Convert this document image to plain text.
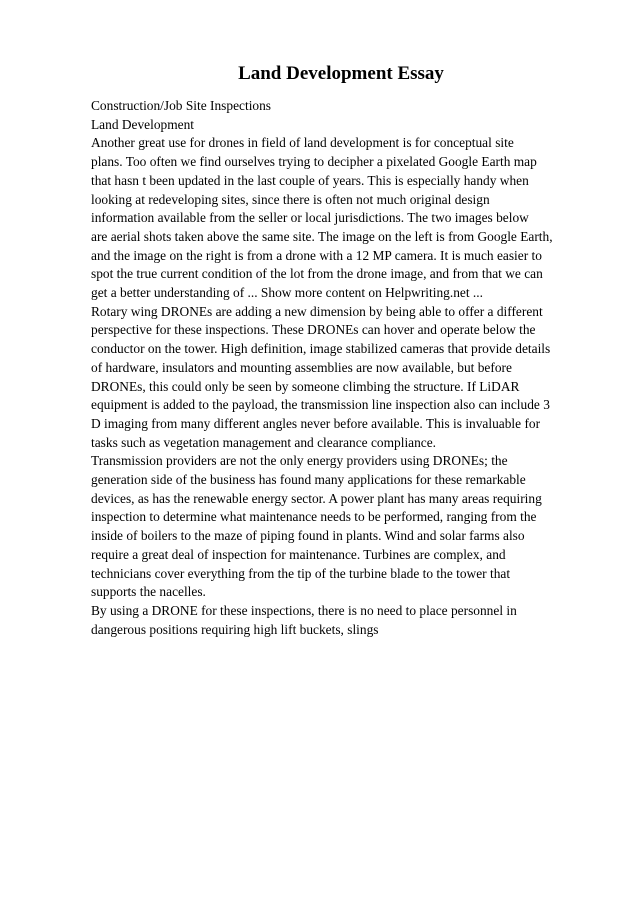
Land Development Essay
Construction/Job Site Inspections
Land Development
Another great use for drones in field of land development is for conceptual site
plans. Too often we find ourselves trying to decipher a pixelated Google Earth map
that hasn t been updated in the last couple of years. This is especially handy when
looking at redeveloping sites, since there is often not much original design
information available from the seller or local jurisdictions. The two images below
are aerial shots taken above the same site. The image on the left is from Google Earth,
and the image on the right is from a drone with a 12 MP camera. It is much easier to
spot the true current condition of the lot from the drone image, and from that we can
get a better understanding of ... Show more content on Helpwriting.net ...
Rotary wing DRONEs are adding a new dimension by being able to offer a different
perspective for these inspections. These DRONEs can hover and operate below the
conductor on the tower. High definition, image stabilized cameras that provide details
of hardware, insulators and mounting assemblies are now available, but before
DRONEs, this could only be seen by someone climbing the structure. If LiDAR
equipment is added to the payload, the transmission line inspection also can include 3
D imaging from many different angles never before available. This is invaluable for
tasks such as vegetation management and clearance compliance.
Transmission providers are not the only energy providers using DRONEs; the
generation side of the business has found many applications for these remarkable
devices, as has the renewable energy sector. A power plant has many areas requiring
inspection to determine what maintenance needs to be performed, ranging from the
inside of boilers to the maze of piping found in plants. Wind and solar farms also
require a great deal of inspection for maintenance. Turbines are complex, and
technicians cover everything from the tip of the turbine blade to the tower that
supports the nacelles.
By using a DRONE for these inspections, there is no need to place personnel in
dangerous positions requiring high lift buckets, slings
